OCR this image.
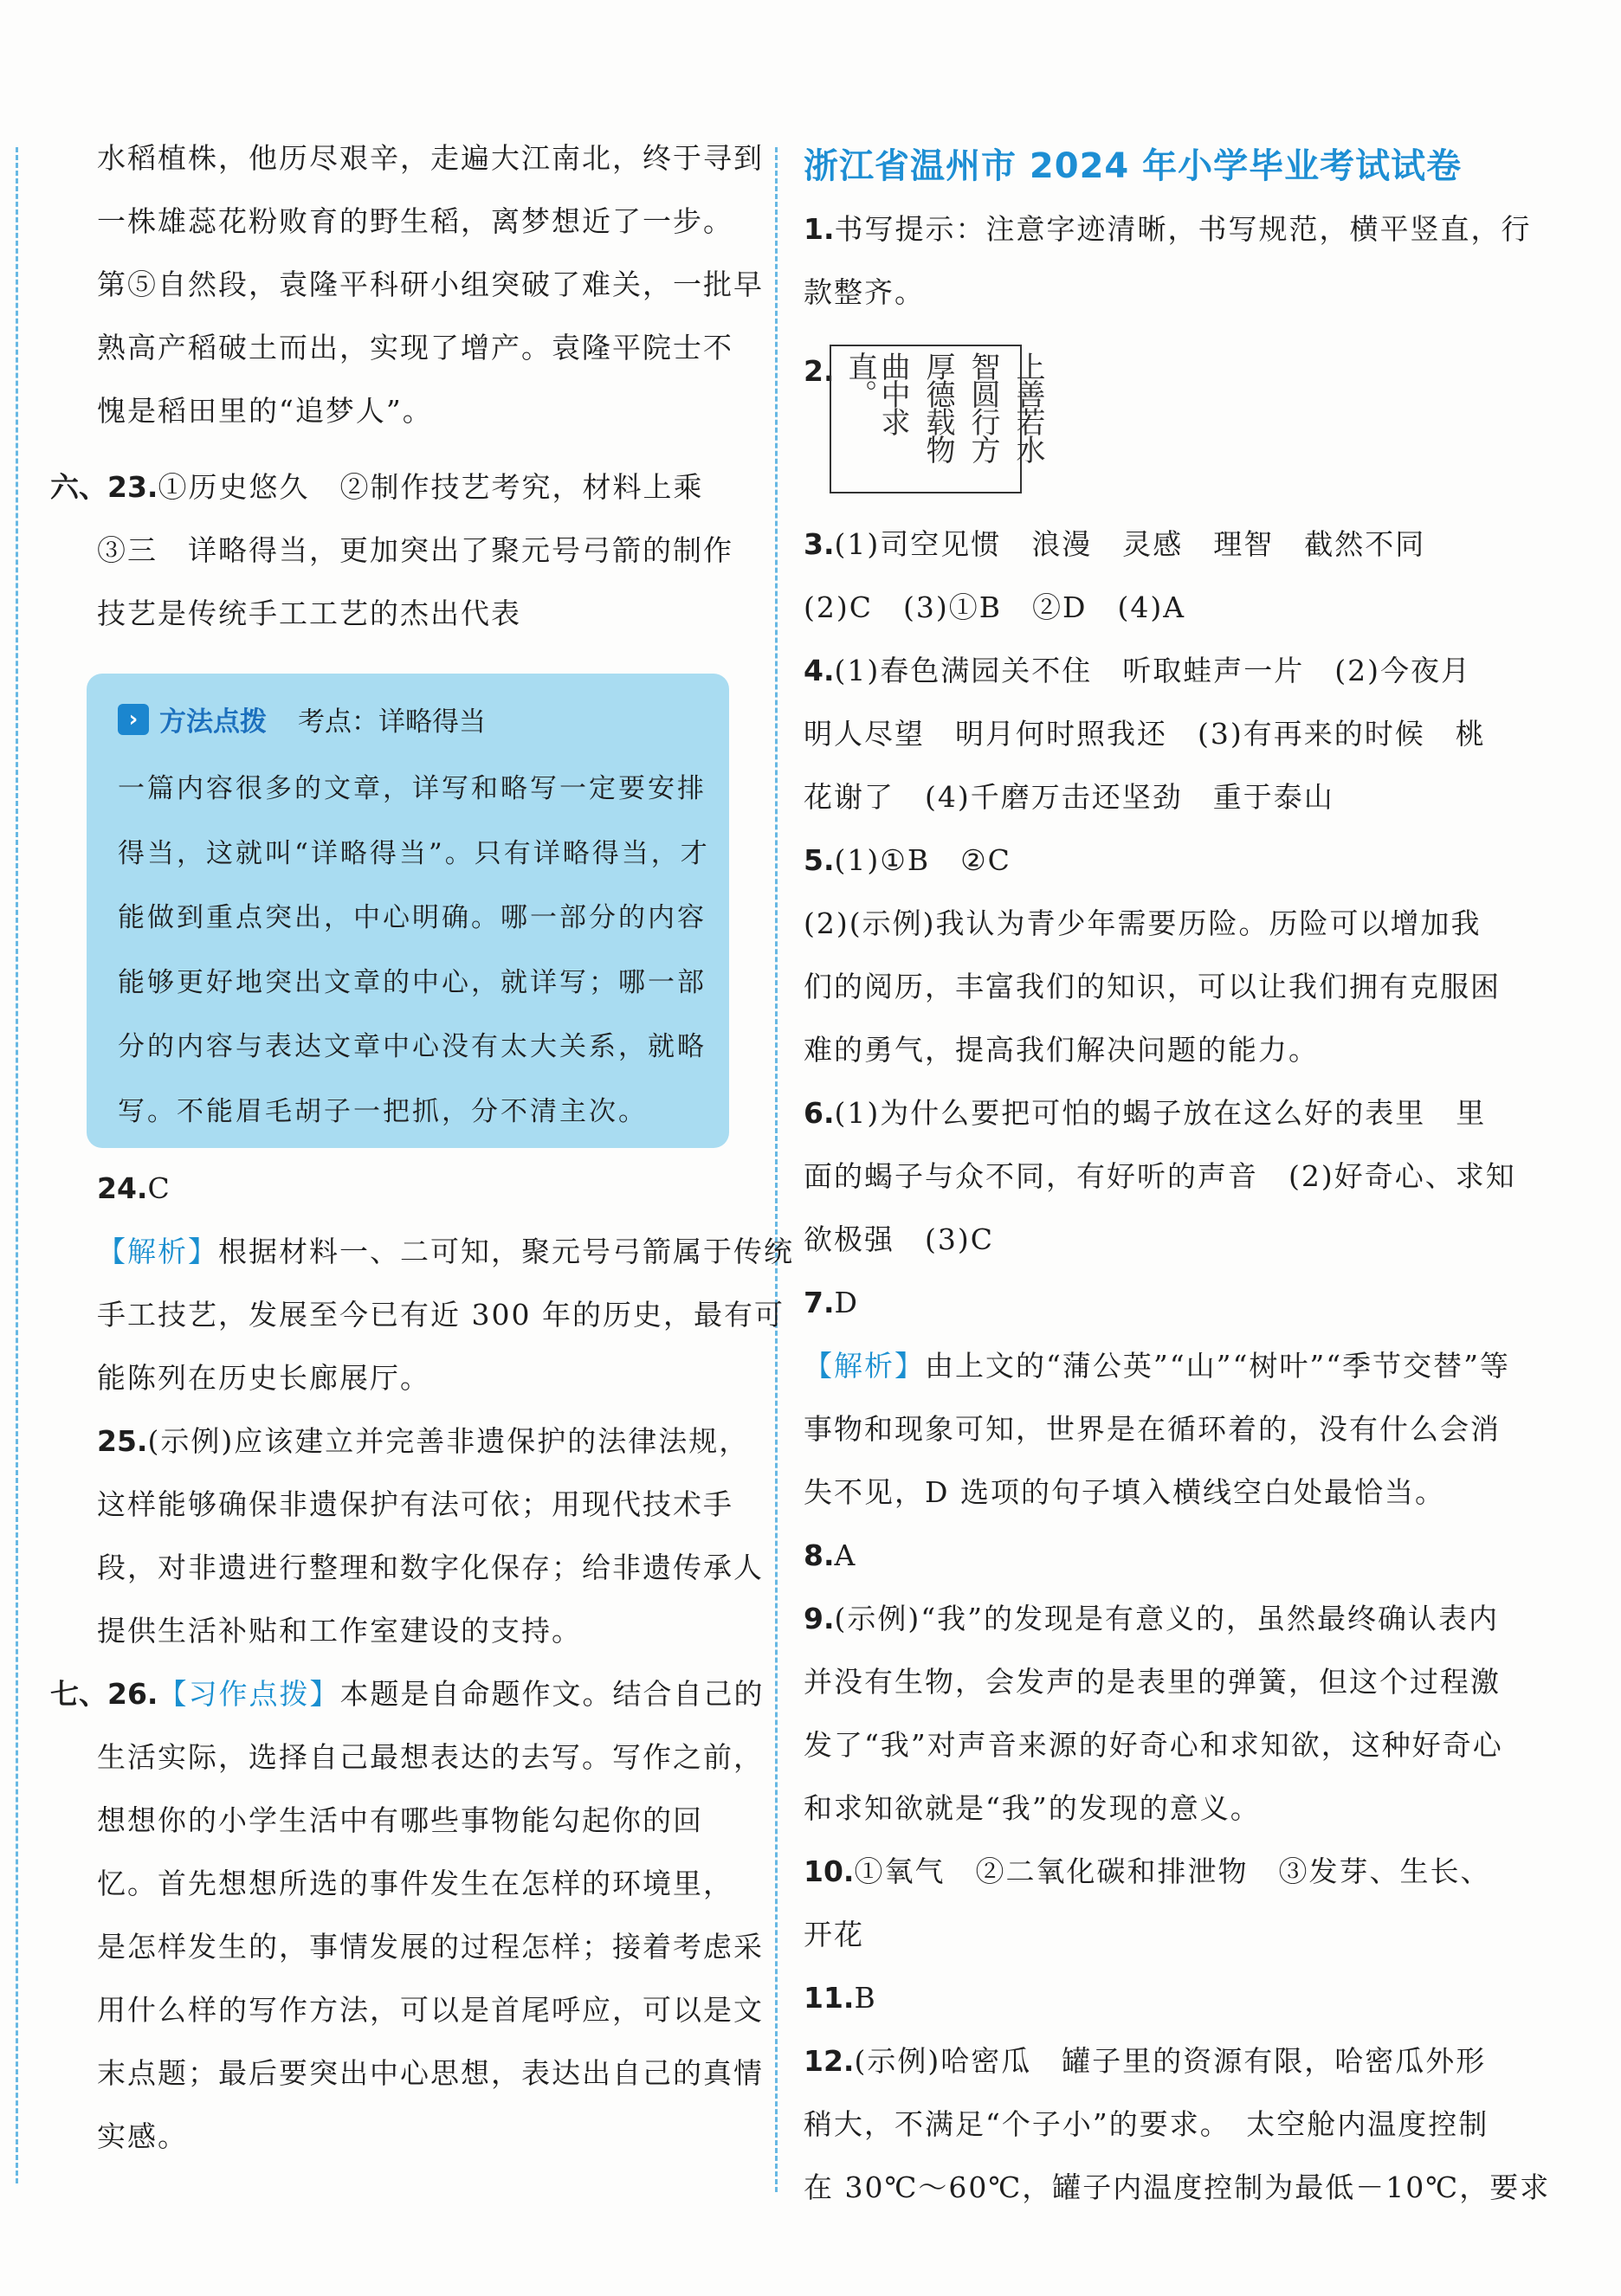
水稻植株，他历尽艰辛，走遍大江南北，终于寻到

一株雄蕊花粉败育的野生稻，离梦想近了一步。

第⑤自然段，袁隆平科研小组突破了难关，一批早

熟高产稻破土而出，实现了增产。袁隆平院士不

愧是稻田里的“追梦人”。

六、23.①历史悠久　②制作技艺考究，材料上乘

③三　详略得当，更加突出了聚元号弓箭的制作

技艺是传统手工工艺的杰出代表

› 方法点拨 考点：详略得当

一篇内容很多的文章，详写和略写一定要安排

得当，这就叫“详略得当”。只有详略得当，才

能做到重点突出，中心明确。哪一部分的内容

能够更好地突出文章的中心，就详写；哪一部

分的内容与表达文章中心没有太大关系，就略

写。不能眉毛胡子一把抓，分不清主次。

24.C

【解析】根据材料一、二可知，聚元号弓箭属于传统

手工技艺，发展至今已有近 300 年的历史，最有可

能陈列在历史长廊展厅。

25.(示例)应该建立并完善非遗保护的法律法规，

这样能够确保非遗保护有法可依；用现代技术手

段，对非遗进行整理和数字化保存；给非遗传承人

提供生活补贴和工作室建设的支持。

七、26.【习作点拨】本题是自命题作文。结合自己的

生活实际，选择自己最想表达的去写。写作之前，

想想你的小学生活中有哪些事物能勾起你的回

忆。首先想想所选的事件发生在怎样的环境里，

是怎样发生的，事情发展的过程怎样；接着考虑采

用什么样的写作方法，可以是首尾呼应，可以是文

末点题；最后要突出中心思想，表达出自己的真情

实感。

浙江省温州市 2024 年小学毕业考试试卷

1.书写提示：注意字迹清晰，书写规范，横平竖直，行

款整齐。

2.

3.(1)司空见惯　浪漫　灵感　理智　截然不同

(2)C　(3)①B　②D　(4)A

4.(1)春色满园关不住　听取蛙声一片　(2)今夜月

明人尽望　明月何时照我还　(3)有再来的时候　桃

花谢了　(4)千磨万击还坚劲　重于泰山

5.(1)①B　②C

(2)(示例)我认为青少年需要历险。历险可以增加我

们的阅历，丰富我们的知识，可以让我们拥有克服困

难的勇气，提高我们解决问题的能力。

6.(1)为什么要把可怕的蝎子放在这么好的表里　里

面的蝎子与众不同，有好听的声音　(2)好奇心、求知

欲极强　(3)C

7.D

【解析】由上文的“蒲公英”“山”“树叶”“季节交替”等

事物和现象可知，世界是在循环着的，没有什么会消

失不见，D 选项的句子填入横线空白处最恰当。

8.A

9.(示例)“我”的发现是有意义的，虽然最终确认表内

并没有生物，会发声的是表里的弹簧，但这个过程激

发了“我”对声音来源的好奇心和求知欲，这种好奇心

和求知欲就是“我”的发现的意义。

10.①氧气　②二氧化碳和排泄物　③发芽、生长、

开花

11.B

12.(示例)哈密瓜　罐子里的资源有限，哈密瓜外形

稍大，不满足“个子小”的要求。　太空舱内温度控制

在 30℃～60℃，罐子内温度控制为最低－10℃，要求

曲中求直。	厚德载物 智圆行方 上善若水
